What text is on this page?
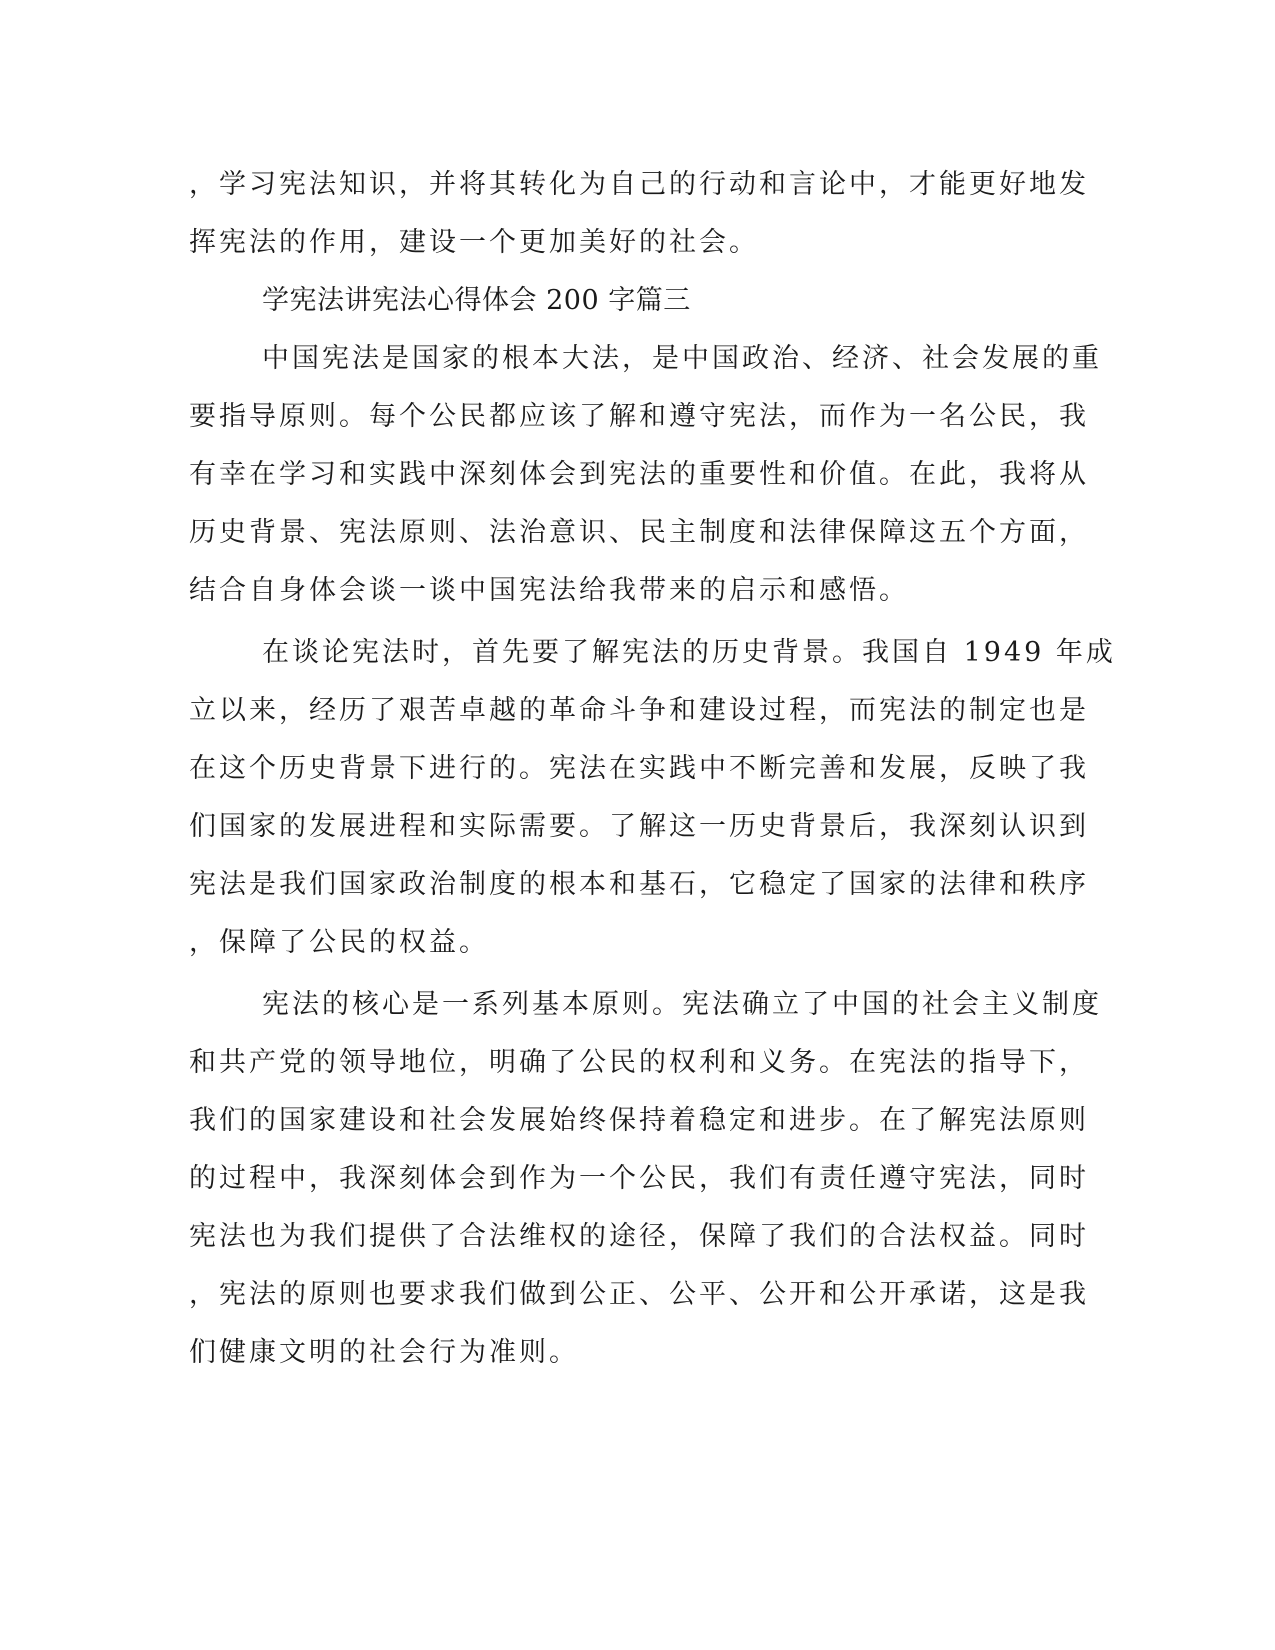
，学习宪法知识，并将其转化为自己的行动和言论中，才能更好地发
挥宪法的作用，建设一个更加美好的社会。
学宪法讲宪法心得体会 200 字篇三
中国宪法是国家的根本大法，是中国政治、经济、社会发展的重
要指导原则。每个公民都应该了解和遵守宪法，而作为一名公民，我
有幸在学习和实践中深刻体会到宪法的重要性和价值。在此，我将从
历史背景、宪法原则、法治意识、民主制度和法律保障这五个方面，
结合自身体会谈一谈中国宪法给我带来的启示和感悟。
在谈论宪法时，首先要了解宪法的历史背景。我国自 1949 年成
立以来，经历了艰苦卓越的革命斗争和建设过程，而宪法的制定也是
在这个历史背景下进行的。宪法在实践中不断完善和发展，反映了我
们国家的发展进程和实际需要。了解这一历史背景后，我深刻认识到
宪法是我们国家政治制度的根本和基石，它稳定了国家的法律和秩序
，保障了公民的权益。
宪法的核心是一系列基本原则。宪法确立了中国的社会主义制度
和共产党的领导地位，明确了公民的权利和义务。在宪法的指导下，
我们的国家建设和社会发展始终保持着稳定和进步。在了解宪法原则
的过程中，我深刻体会到作为一个公民，我们有责任遵守宪法，同时
宪法也为我们提供了合法维权的途径，保障了我们的合法权益。同时
，宪法的原则也要求我们做到公正、公平、公开和公开承诺，这是我
们健康文明的社会行为准则。
